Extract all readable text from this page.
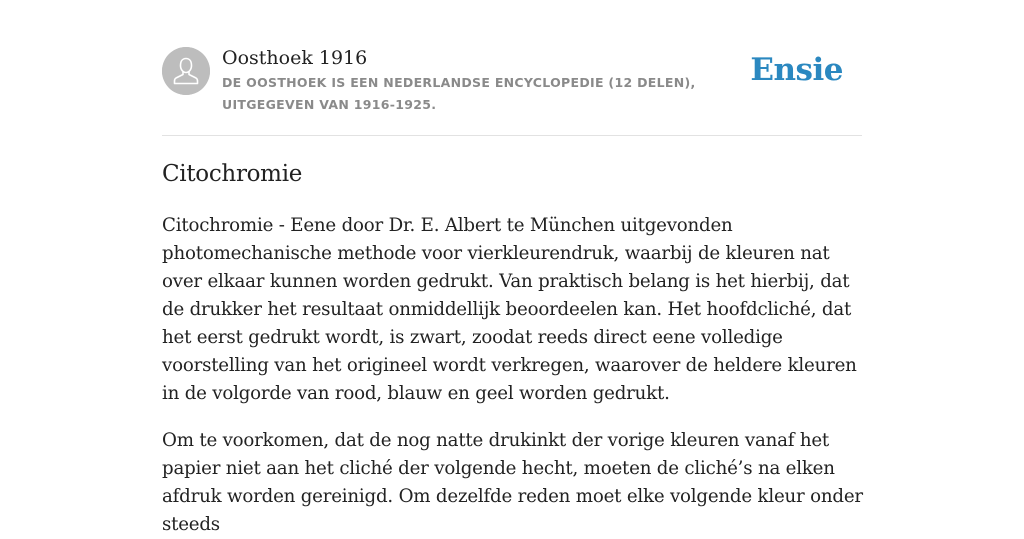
Oosthoek 1916
DE OOSTHOEK IS EEN NEDERLANDSE ENCYCLOPEDIE (12 DELEN), UITGEGEVEN VAN 1916-1925.
Ensie
Citochromie

Citochromie - Eene door Dr. E. Albert te München uitgevonden photomechanische methode voor vierkleurendruk, waarbij de kleuren nat over elkaar kunnen worden gedrukt. Van praktisch belang is het hierbij, dat de drukker het resultaat onmiddellijk beoordeelen kan. Het hoofdcliché, dat het eerst gedrukt wordt, is zwart, zoodat reeds direct eene volledige voorstelling van het origineel wordt verkregen, waarover de heldere kleuren in de volgorde van rood, blauw en geel worden gedrukt.

Om te voorkomen, dat de nog natte drukinkt der vorige kleuren vanaf het papier niet aan het cliché der volgende hecht, moeten de cliché’s na elken afdruk worden gereinigd. Om dezelfde reden moet elke volgende kleur onder steeds
